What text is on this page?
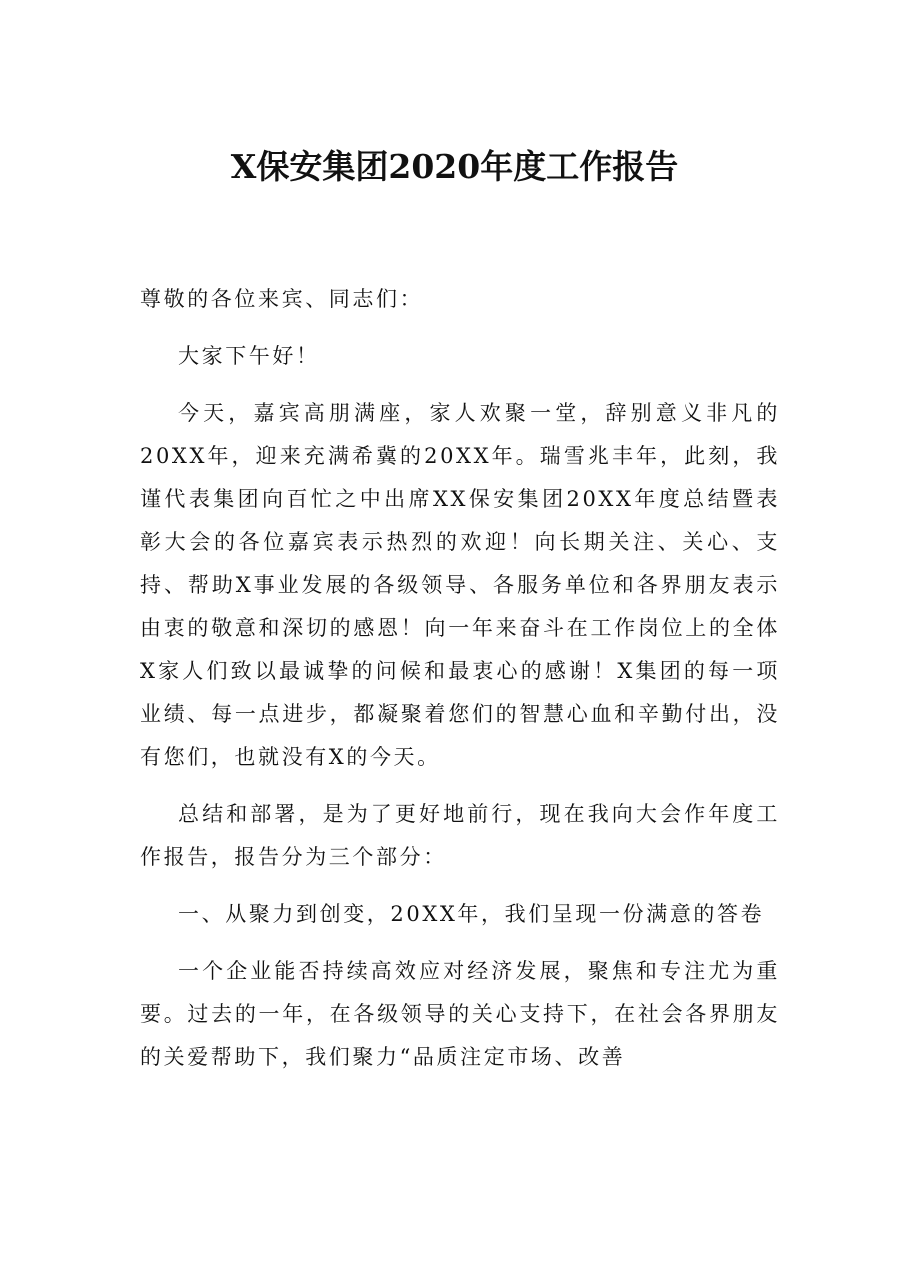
X保安集团2020年度工作报告

尊敬的各位来宾、同志们：

大家下午好！

今天，嘉宾高朋满座，家人欢聚一堂，辞别意义非凡的20XX年，迎来充满希冀的20XX年。瑞雪兆丰年，此刻，我谨代表集团向百忙之中出席XX保安集团20XX年度总结暨表彰大会的各位嘉宾表示热烈的欢迎！向长期关注、关心、支持、帮助X事业发展的各级领导、各服务单位和各界朋友表示由衷的敬意和深切的感恩！向一年来奋斗在工作岗位上的全体X家人们致以最诚挚的问候和最衷心的感谢！X集团的每一项业绩、每一点进步，都凝聚着您们的智慧心血和辛勤付出，没有您们，也就没有X的今天。

总结和部署，是为了更好地前行，现在我向大会作年度工作报告，报告分为三个部分：

一、从聚力到创变，20XX年，我们呈现一份满意的答卷

一个企业能否持续高效应对经济发展，聚焦和专注尤为重要。过去的一年，在各级领导的关心支持下，在社会各界朋友的关爱帮助下，我们聚力“品质注定市场、改善
